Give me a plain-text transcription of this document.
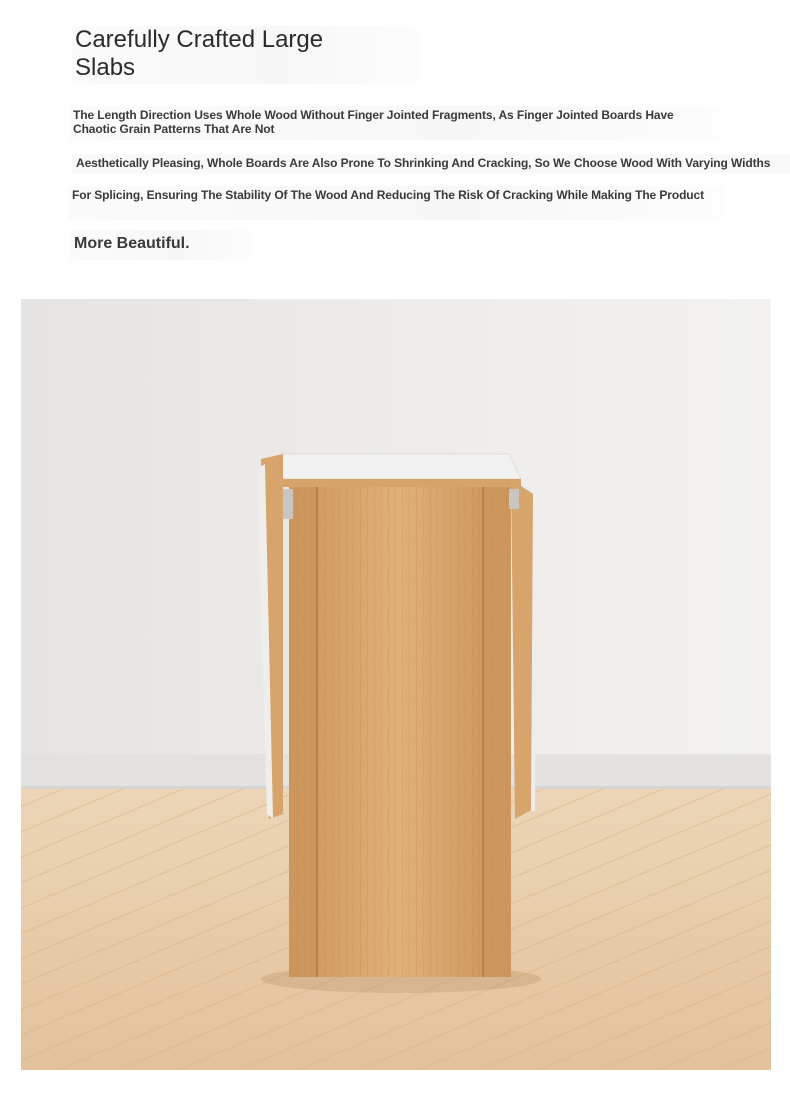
Carefully Crafted Large
Slabs
The Length Direction Uses Whole Wood Without Finger Jointed Fragments, As Finger Jointed Boards Have Chaotic Grain Patterns That Are Not
Aesthetically Pleasing, Whole Boards Are Also Prone To Shrinking And Cracking, So We Choose Wood With Varying Widths
For Splicing, Ensuring The Stability Of The Wood And Reducing The Risk Of Cracking While Making The Product
More Beautiful.
